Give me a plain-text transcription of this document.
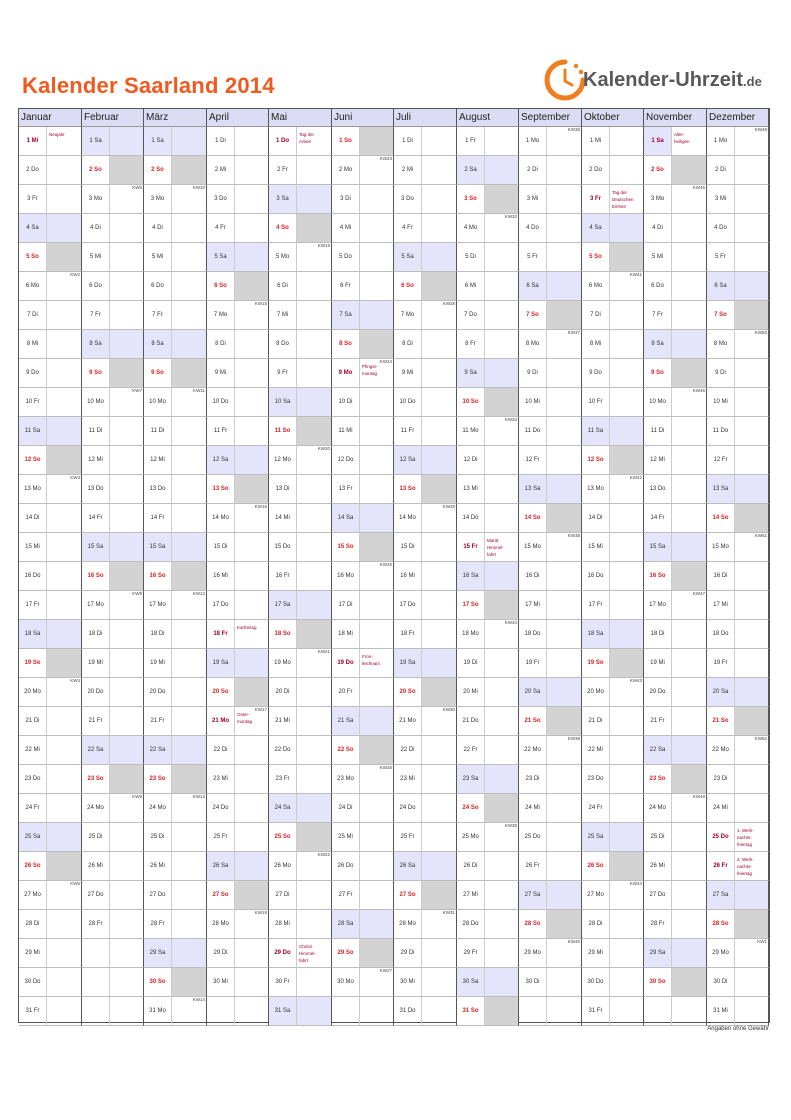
Kalender Saarland 2014	Kalender-Uhrzeit.de
Januar
1 Mi
Neujahr
2 Do
3 Fr
4 Sa
5 So
6 Mo
KW2
7 Di
8 Mi
9 Do
10 Fr
11 Sa
12 So
13 Mo
KW3
14 Di
15 Mi
16 Do
17 Fr
18 Sa
19 So
20 Mo
KW4
21 Di
22 Mi
23 Do
24 Fr
25 Sa
26 So
27 Mo
KW5
28 Di
29 Mi
30 Do
31 Fr
Februar
1 Sa
2 So
3 Mo
KW6
4 Di
5 Mi
6 Do
7 Fr
8 Sa
9 So
10 Mo
KW7
11 Di
12 Mi
13 Do
14 Fr
15 Sa
16 So
17 Mo
KW8
18 Di
19 Mi
20 Do
21 Fr
22 Sa
23 So
24 Mo
KW9
25 Di
26 Mi
27 Do
28 Fr
März
1 Sa
2 So
3 Mo
KW10
4 Di
5 Mi
6 Do
7 Fr
8 Sa
9 So
10 Mo
KW11
11 Di
12 Mi
13 Do
14 Fr
15 Sa
16 So
17 Mo
KW12
18 Di
19 Mi
20 Do
21 Fr
22 Sa
23 So
24 Mo
KW13
25 Di
26 Mi
27 Do
28 Fr
29 Sa
30 So
31 Mo
KW14
April
1 Di
2 Mi
3 Do
4 Fr
5 Sa
6 So
7 Mo
KW15
8 Di
9 Mi
10 Do
11 Fr
12 Sa
13 So
14 Mo
KW16
15 Di
16 Mi
17 Do
18 Fr
Karfreitag
19 Sa
20 So
21 Mo
Oster-
montag
KW17
22 Di
23 Mi
24 Do
25 Fr
26 Sa
27 So
28 Mo
KW18
29 Di
30 Mi
Mai
1 Do
Tag der
Arbeit
2 Fr
3 Sa
4 So
5 Mo
KW19
6 Di
7 Mi
8 Do
9 Fr
10 Sa
11 So
12 Mo
KW20
13 Di
14 Mi
15 Do
16 Fr
17 Sa
18 So
19 Mo
KW21
20 Di
21 Mi
22 Do
23 Fr
24 Sa
25 So
26 Mo
KW22
27 Di
28 Mi
29 Do
Christi
Himmel-
fahrt
30 Fr
31 Sa
Juni
1 So
2 Mo
KW23
3 Di
4 Mi
5 Do
6 Fr
7 Sa
8 So
9 Mo
Pfingst-
montag
KW24
10 Di
11 Mi
12 Do
13 Fr
14 Sa
15 So
16 Mo
KW25
17 Di
18 Mi
19 Do
Fron-
leichnam
20 Fr
21 Sa
22 So
23 Mo
KW26
24 Di
25 Mi
26 Do
27 Fr
28 Sa
29 So
30 Mo
KW27
Juli
1 Di
2 Mi
3 Do
4 Fr
5 Sa
6 So
7 Mo
KW28
8 Di
9 Mi
10 Do
11 Fr
12 Sa
13 So
14 Mo
KW29
15 Di
16 Mi
17 Do
18 Fr
19 Sa
20 So
21 Mo
KW30
22 Di
23 Mi
24 Do
25 Fr
26 Sa
27 So
28 Mo
KW31
29 Di
30 Mi
31 Do
August
1 Fr
2 Sa
3 So
4 Mo
KW32
5 Di
6 Mi
7 Do
8 Fr
9 Sa
10 So
11 Mo
KW33
12 Di
13 Mi
14 Do
15 Fr
Mariä
Himmel-
fahrt
16 Sa
17 So
18 Mo
KW34
19 Di
20 Mi
21 Do
22 Fr
23 Sa
24 So
25 Mo
KW35
26 Di
27 Mi
28 Do
29 Fr
30 Sa
31 So
September
1 Mo
KW36
2 Di
3 Mi
4 Do
5 Fr
6 Sa
7 So
8 Mo
KW37
9 Di
10 Mi
11 Do
12 Fr
13 Sa
14 So
15 Mo
KW38
16 Di
17 Mi
18 Do
19 Fr
20 Sa
21 So
22 Mo
KW39
23 Di
24 Mi
25 Do
26 Fr
27 Sa
28 So
29 Mo
KW40
30 Di
Oktober
1 Mi
2 Do
3 Fr
Tag der
Deutschen
Einheit
4 Sa
5 So
6 Mo
KW41
7 Di
8 Mi
9 Do
10 Fr
11 Sa
12 So
13 Mo
KW42
14 Di
15 Mi
16 Do
17 Fr
18 Sa
19 So
20 Mo
KW43
21 Di
22 Mi
23 Do
24 Fr
25 Sa
26 So
27 Mo
KW44
28 Di
29 Mi
30 Do
31 Fr
November
1 Sa
Aller-
heiligen
2 So
3 Mo
KW45
4 Di
5 Mi
6 Do
7 Fr
8 Sa
9 So
10 Mo
KW46
11 Di
12 Mi
13 Do
14 Fr
15 Sa
16 So
17 Mo
KW47
18 Di
19 Mi
20 Do
21 Fr
22 Sa
23 So
24 Mo
KW48
25 Di
26 Mi
27 Do
28 Fr
29 Sa
30 So
Dezember
1 Mo
KW49
2 Di
3 Mi
4 Do
5 Fr
6 Sa
7 So
8 Mo
KW50
9 Di
10 Mi
11 Do
12 Fr
13 Sa
14 So
15 Mo
KW51
16 Di
17 Mi
18 Do
19 Fr
20 Sa
21 So
22 Mo
KW52
23 Di
24 Mi
25 Do
1. Weih-
nachts-
feiertag
26 Fr
2. Weih-
nachts-
feiertag
27 Sa
28 So
29 Mo
KW1
30 Di
31 Mi
Angaben ohne Gewähr
